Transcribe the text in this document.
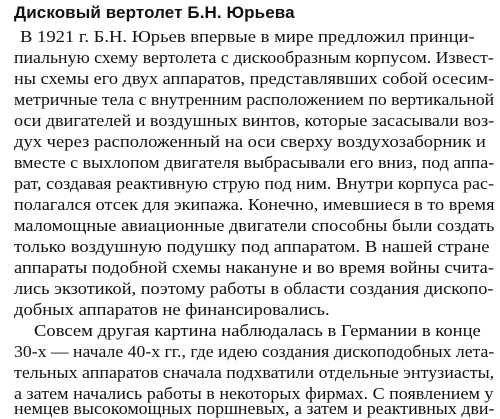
Дисковый вертолет Б.Н. Юрьева

В 1921 г. Б.Н. Юрьев впервые в мире предложил принци-

пиальную схему вертолета с дискообразным корпусом. Извест-

ны схемы его двух аппаратов, представлявших собой осесим-

метричные тела с внутренним расположением по вертикальной

оси двигателей и воздушных винтов, которые засасывали воз-

дух через расположенный на оси сверху воздухозаборник и

вместе с выхлопом двигателя выбрасывали его вниз, под аппа-

рат, создавая реактивную струю под ним. Внутри корпуса рас-

полагался отсек для экипажа. Конечно, имевшиеся в то время

маломощные авиационные двигатели способны были создать

только воздушную подушку под аппаратом. В нашей стране

аппараты подобной схемы накануне и во время войны счита-

лись экзотикой, поэтому работы в области создания дископо-

добных аппаратов не финансировались.

Совсем другая картина наблюдалась в Германии в конце

30-х — начале 40-х гг., где идею создания дископодобных лета-

тельных аппаратов сначала подхватили отдельные энтузиасты,

а затем начались работы в некоторых фирмах. С появлением у

немцев высокомощных поршневых, а затем и реактивных дви-
